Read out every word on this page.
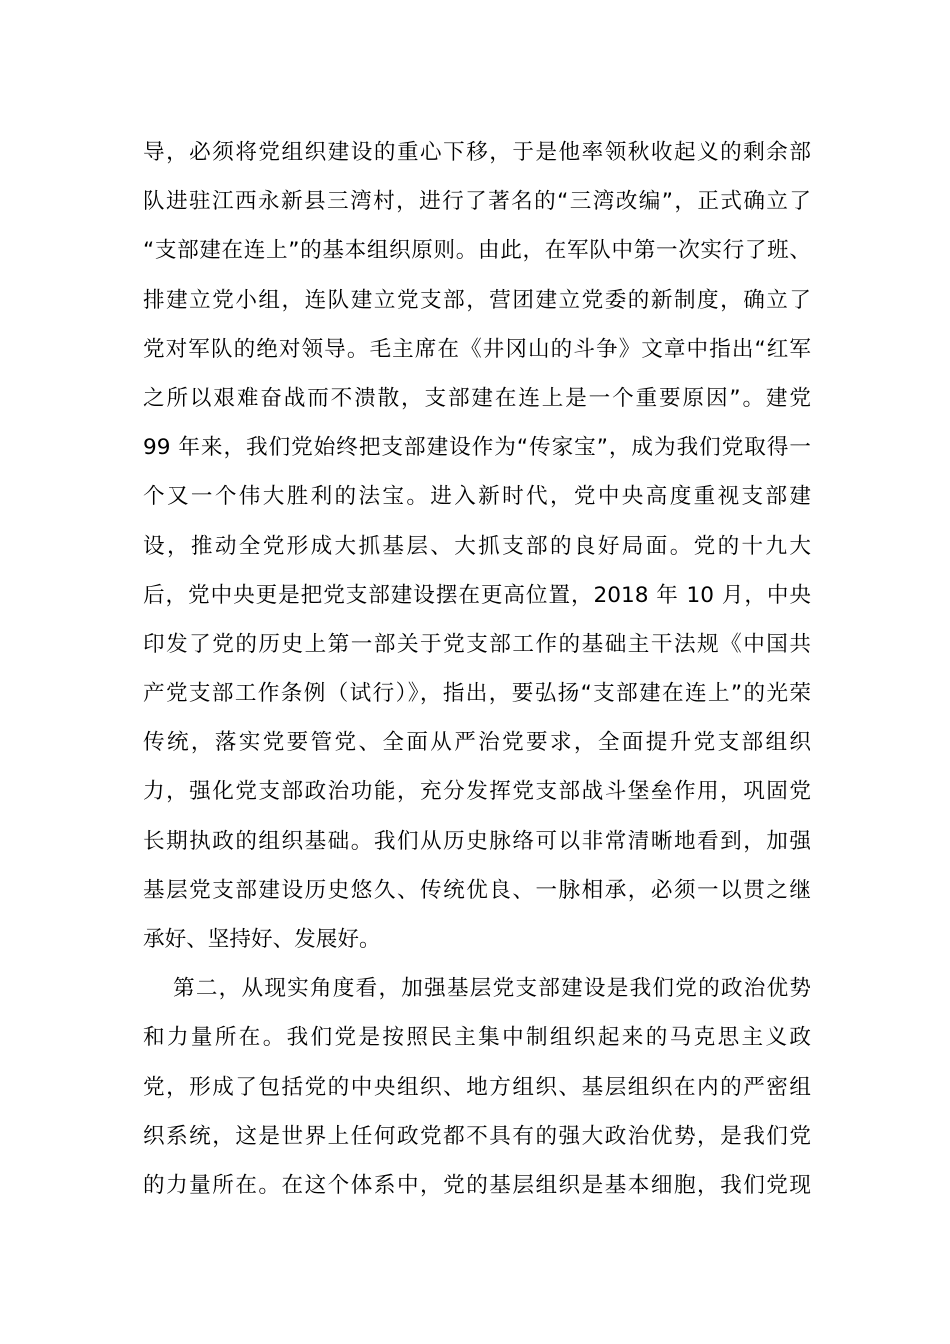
导，必须将党组织建设的重心下移，于是他率领秋收起义的剩余部
队进驻江西永新县三湾村，进行了著名的“三湾改编”，正式确立了
“支部建在连上”的基本组织原则。由此，在军队中第一次实行了班、
排建立党小组，连队建立党支部，营团建立党委的新制度，确立了
党对军队的绝对领导。毛主席在《井冈山的斗争》文章中指出“红军
之所以艰难奋战而不溃散，支部建在连上是一个重要原因”。建党
99 年来，我们党始终把支部建设作为“传家宝”，成为我们党取得一
个又一个伟大胜利的法宝。进入新时代，党中央高度重视支部建
设，推动全党形成大抓基层、大抓支部的良好局面。党的十九大
后，党中央更是把党支部建设摆在更高位置，2018 年 10 月，中央
印发了党的历史上第一部关于党支部工作的基础主干法规《中国共
产党支部工作条例（试行）》，指出，要弘扬“支部建在连上”的光荣
传统，落实党要管党、全面从严治党要求，全面提升党支部组织
力，强化党支部政治功能，充分发挥党支部战斗堡垒作用，巩固党
长期执政的组织基础。我们从历史脉络可以非常清晰地看到，加强
基层党支部建设历史悠久、传统优良、一脉相承，必须一以贯之继
承好、坚持好、发展好。
第二，从现实角度看，加强基层党支部建设是我们党的政治优势
和力量所在。我们党是按照民主集中制组织起来的马克思主义政
党，形成了包括党的中央组织、地方组织、基层组织在内的严密组
织系统，这是世界上任何政党都不具有的强大政治优势，是我们党
的力量所在。在这个体系中，党的基层组织是基本细胞，我们党现
